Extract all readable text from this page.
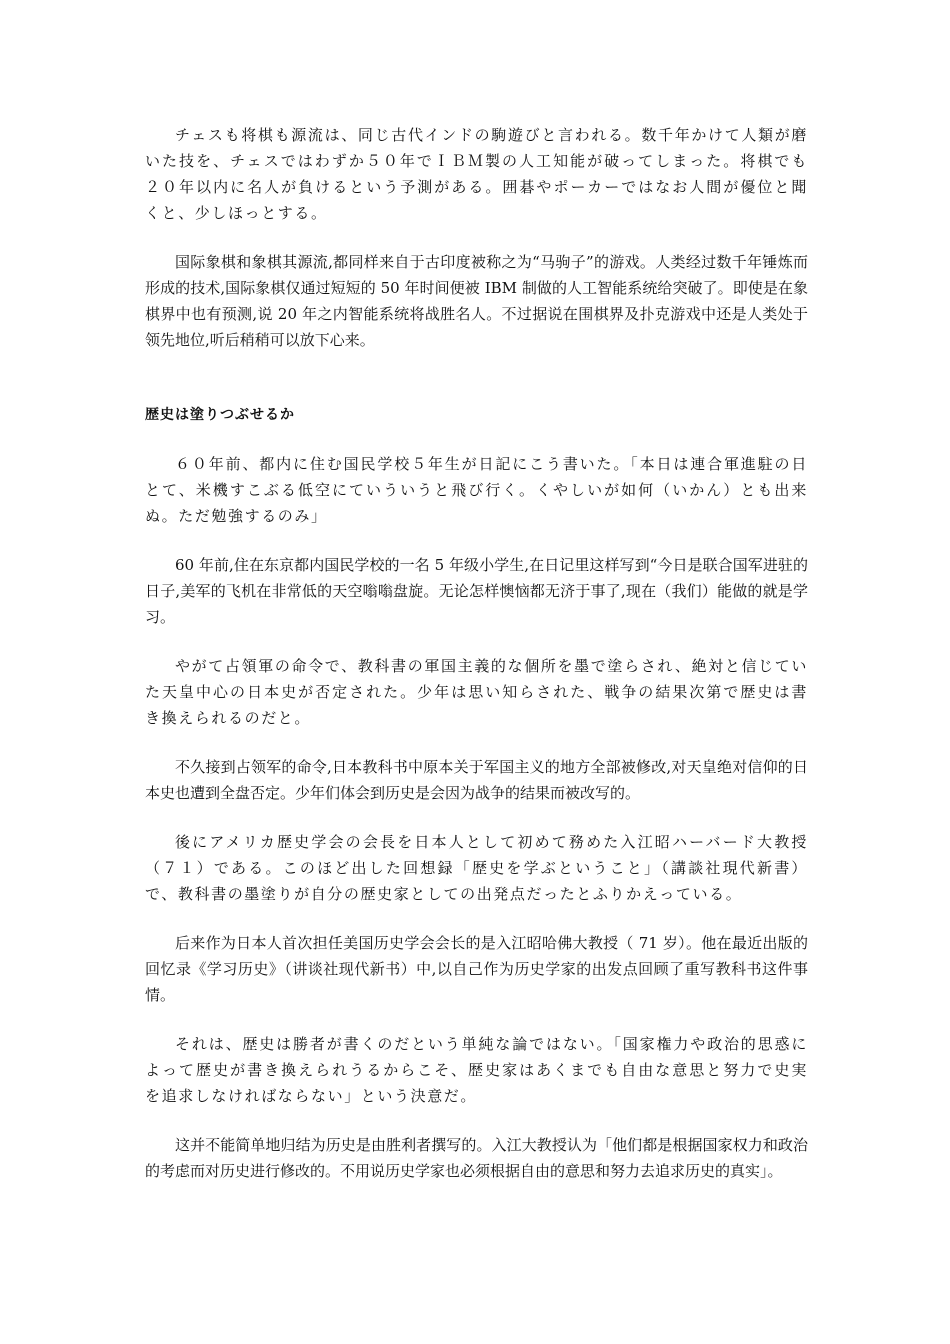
チェスも将棋も源流は、同じ古代インドの駒遊びと言われる。数千年かけて人類が磨いた技を、チェスではわずか５０年でＩＢＭ製の人工知能が破ってしまった。将棋でも２０年以内に名人が負けるという予測がある。囲碁やポーカーではなお人間が優位と聞くと、少しほっとする。

国际象棋和象棋其源流,都同样来自于古印度被称之为“马驹子”的游戏。人类经过数千年锤炼而形成的技术,国际象棋仅通过短短的 50 年时间便被 IBM 制做的人工智能系统给突破了。即使是在象棋界中也有预测,说 20 年之内智能系统将战胜名人。不过据说在围棋界及扑克游戏中还是人类处于领先地位,听后稍稍可以放下心来。

歴史は塗りつぶせるか

６０年前、都内に住む国民学校５年生が日記にこう書いた。「本日は連合軍進駐の日とて、米機すこぶる低空にていういうと飛び行く。くやしいが如何（いかん）とも出来ぬ。ただ勉強するのみ」

60 年前,住在东京都内国民学校的一名 5 年级小学生,在日记里这样写到“今日是联合国军进驻的日子,美军的飞机在非常低的天空嗡嗡盘旋。无论怎样懊恼都无济于事了,现在（我们）能做的就是学习。

やがて占領軍の命令で、教科書の軍国主義的な個所を墨で塗らされ、絶対と信じていた天皇中心の日本史が否定された。少年は思い知らされた、戦争の結果次第で歴史は書き換えられるのだと。

不久接到占领军的命令,日本教科书中原本关于军国主义的地方全部被修改,对天皇绝对信仰的日本史也遭到全盘否定。少年们体会到历史是会因为战争的结果而被改写的。

後にアメリカ歴史学会の会長を日本人として初めて務めた入江昭ハーバード大教授（７１）である。このほど出した回想録「歴史を学ぶということ」（講談社現代新書）で、教科書の墨塗りが自分の歴史家としての出発点だったとふりかえっている。

后来作为日本人首次担任美国历史学会会长的是入江昭哈佛大教授（ 71 岁）。他在最近出版的回忆录《学习历史》（讲谈社现代新书）中,以自己作为历史学家的出发点回顾了重写教科书这件事情。

それは、歴史は勝者が書くのだという単純な論ではない。「国家権力や政治的思惑によって歴史が書き換えられうるからこそ、歴史家はあくまでも自由な意思と努力で史実を追求しなければならない」という決意だ。

这并不能简单地归结为历史是由胜利者撰写的。入江大教授认为「他们都是根据国家权力和政治的考虑而对历史进行修改的。不用说历史学家也必须根据自由的意思和努力去追求历史的真实」。
